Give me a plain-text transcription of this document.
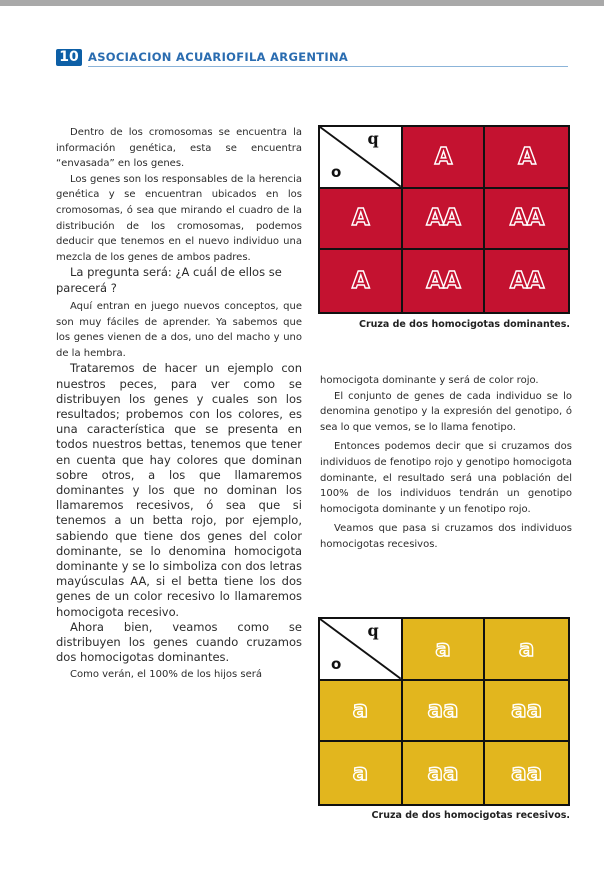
10 ASOCIACION ACUARIOFILA ARGENTINA

Dentro de los cromosomas se encuentra la información genética, esta se encuentra “envasada” en los genes.

Los genes son los responsables de la herencia genética y se encuentran ubicados en los cromosomas, ó sea que mirando el cuadro de la distribución de los cromosomas, podemos deducir que tenemos en el nuevo individuo una mezcla de los genes de ambos padres.

La pregunta será: ¿A cuál de ellos se parecerá ?

Aquí entran en juego nuevos conceptos, que son muy fáciles de aprender. Ya sabemos que los genes vienen de a dos, uno del macho y uno de la hembra.

Trataremos de hacer un ejemplo con nuestros peces, para ver como se distribuyen los genes y cuales son los resultados; probemos con los colores, es una característica que se presenta en todos nuestros bettas, tenemos que tener en cuenta que hay colores que dominan sobre otros, a los que llamaremos dominantes y los que no dominan los llamaremos recesivos, ó sea que si tenemos a un betta rojo, por ejemplo, sabiendo que tiene dos genes del color dominante, se lo denomina homocigota dominante y se lo simboliza con dos letras mayúsculas AA, si el betta tiene los dos genes de un color recesivo lo llamaremos homocigota recesivo.

Ahora bien, veamos como se distribuyen los genes cuando cruzamos dos homocigotas dominantes.

Como verán, el 100% de los hijos será

q
o
A	A
A AA AA
A AA AA
Cruza de dos homocigotas dominantes.

homocigota dominante y será de color rojo.

El conjunto de genes de cada individuo se lo denomina genotipo y la expresión del genotipo, ó sea lo que vemos, se lo llama fenotipo.

Entonces podemos decir que si cruzamos dos individuos de fenotipo rojo y genotipo homocigota dominante, el resultado será una población del 100% de los individuos tendrán un genotipo homocigota dominante y un fenotipo rojo.

Veamos que pasa si cruzamos dos individuos homocigotas recesivos.

q
o
a	a
a	aa aa
a	aa aa
Cruza de dos homocigotas recesivos.
